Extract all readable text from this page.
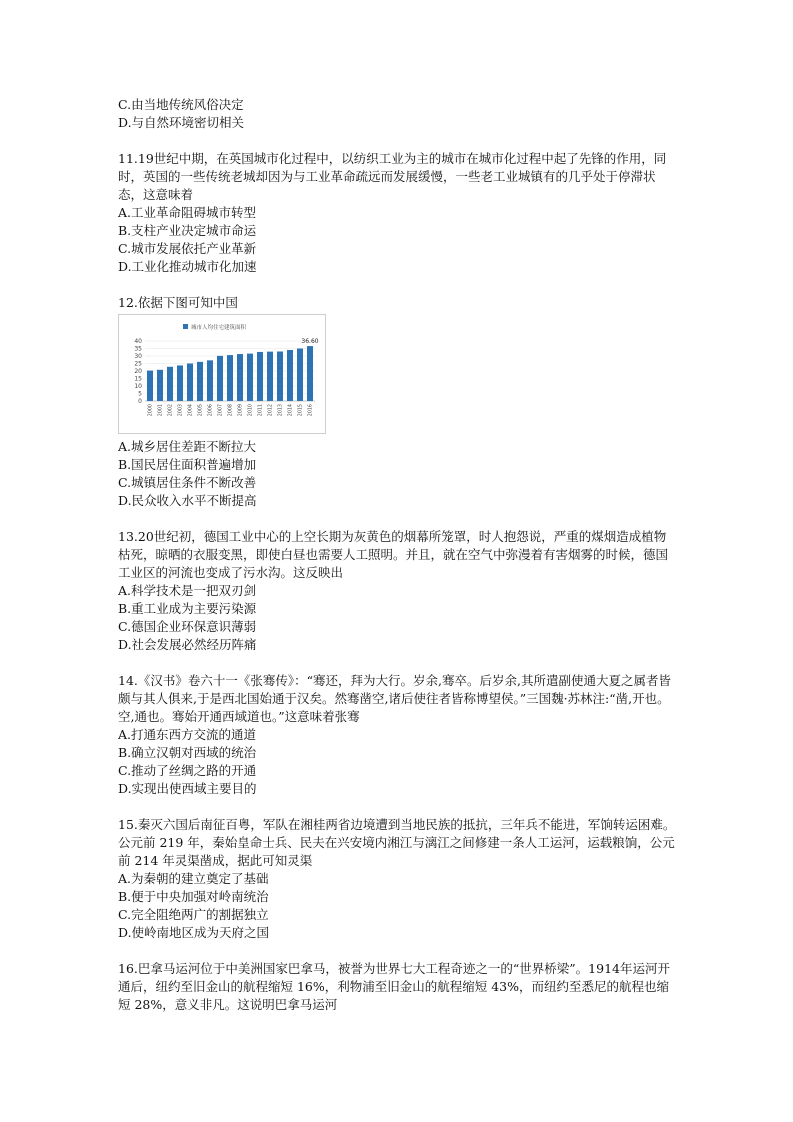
C.由当地传统风俗决定
D.与自然环境密切相关
11.19世纪中期，在英国城市化过程中，以纺织工业为主的城市在城市化过程中起了先锋的作用，同时，英国的一些传统老城却因为与工业革命疏远而发展缓慢，一些老工业城镇有的几乎处于停滞状态，这意味着
A.工业革命阻碍城市转型
B.支柱产业决定城市命运
C.城市发展依托产业革新
D.工业化推动城市化加速
12.依据下图可知中国
城市人均住宅建筑面积
40
35
30
25
20
15
10
5
0
2000 2001 2002 2003 2004 2005 2006 2007 2008 2009 2010 2011 2012 2013 2014 2015 2016
36.60
A.城乡居住差距不断拉大
B.国民居住面积普遍增加
C.城镇居住条件不断改善
D.民众收入水平不断提高
13.20世纪初，德国工业中心的上空长期为灰黄色的烟幕所笼罩，时人抱怨说，严重的煤烟造成植物枯死，晾晒的衣服变黑，即使白昼也需要人工照明。并且，就在空气中弥漫着有害烟雾的时候，德国工业区的河流也变成了污水沟。这反映出
A.科学技术是一把双刃剑
B.重工业成为主要污染源
C.德国企业环保意识薄弱
D.社会发展必然经历阵痛
14.《汉书》卷六十一《张骞传》：“骞还，拜为大行。岁余,骞卒。后岁余,其所遣副使通大夏之属者皆颇与其人俱来,于是西北国始通于汉矣。然骞凿空,诸后使往者皆称博望侯。”三国魏·苏林注:“凿,开也。空,通也。骞始开通西域道也。”这意味着张骞
A.打通东西方交流的通道
B.确立汉朝对西域的统治
C.推动了丝绸之路的开通
D.实现出使西域主要目的
15.秦灭六国后南征百粤，军队在湘桂两省边境遭到当地民族的抵抗，三年兵不能进，军饷转运困难。公元前 219 年，秦始皇命士兵、民夫在兴安境内湘江与漓江之间修建一条人工运河，运载粮饷，公元前 214 年灵渠凿成，据此可知灵渠
A.为秦朝的建立奠定了基础
B.便于中央加强对岭南统治
C.完全阻绝两广的割据独立
D.使岭南地区成为天府之国
16.巴拿马运河位于中美洲国家巴拿马，被誉为世界七大工程奇迹之一的“世界桥梁”。1914年运河开通后，纽约至旧金山的航程缩短 16%，利物浦至旧金山的航程缩短 43%，而纽约至悉尼的航程也缩短 28%，意义非凡。这说明巴拿马运河
